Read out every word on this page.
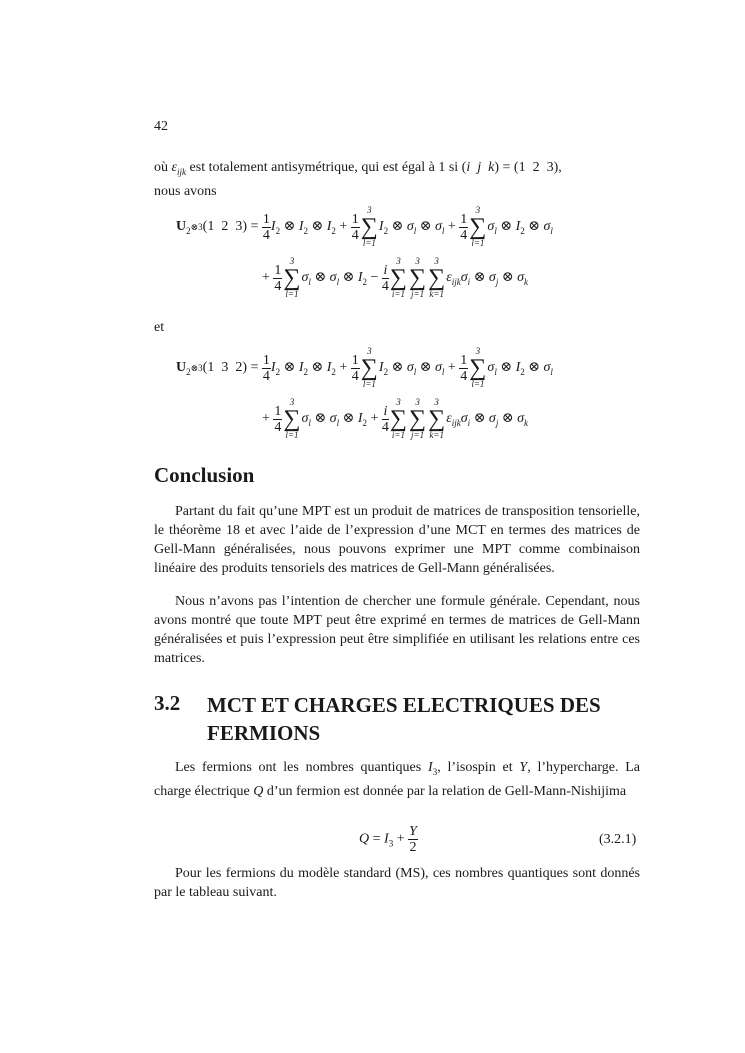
42
où $\varepsilon_{ijk}$ est totalement antisymétrique, qui est égal à 1 si (i j k) = (1  2  3),
nous avons
$U_{2^{\otimes 3}}(1$  2  $3) = \frac{1}{4} I_2$ ⊗ $I_2$ ⊗ $I_2 + \frac{1}{4}$
3
∑
l=1
$I_2$ ⊗ $\sigma_l$ ⊗ $\sigma_l + \frac{1}{4}$
3
∑
l=1
$\sigma_l$ ⊗ $I_2$ ⊗ $\sigma_l$
+ $\frac{1}{4}$
3
∑
l=1
$\sigma_l$ ⊗ $\sigma_l$ ⊗ $I_2 - \frac{i}{4}$
3
∑
i=1
3
∑
j=1
3
∑
k=1
$\varepsilon_{ijk}\sigma_i$ ⊗ $\sigma_j$ ⊗ $\sigma_k$
et
$U_{2^{\otimes 3}}(1$  3  $2) = \frac{1}{4} I_2$ ⊗ $I_2$ ⊗ $I_2 + \frac{1}{4}$
3
∑
l=1
$I_2$ ⊗ $\sigma_l$ ⊗ $\sigma_l + \frac{1}{4}$
3
∑
l=1
$\sigma_l$ ⊗ $I_2$ ⊗ $\sigma_l$
+ $\frac{1}{4}$
3
∑
l=1
$\sigma_l$ ⊗ $\sigma_l$ ⊗ $I_2 + \frac{i}{4}$
3
∑
i=1
3
∑
j=1
3
∑
k=1
$\varepsilon_{ijk}\sigma_i$ ⊗ $\sigma_j$ ⊗ $\sigma_k$
Conclusion
Partant du fait qu’une MPT est un produit de matrices de transposition tensorielle, le théorème 18 et avec l’aide de l’expression d’une MCT en termes des matrices de Gell-Mann généralisées, nous pouvons exprimer une MPT comme combinaison linéaire des produits tensoriels des matrices de Gell-Mann généralisées.
Nous n’avons pas l’intention de chercher une formule générale. Cependant, nous avons montré que toute MPT peut être exprimé en termes de matrices de Gell-Mann généralisées et puis l’expression peut être simplifiée en utilisant les relations entre ces matrices.
3.2 MCT ET CHARGES ELECTRIQUES DES FERMIONS
Les fermions ont les nombres quantiques $I_3$, l’isospin et Y, l’hypercharge. La charge électrique Q d’un fermion est donnée par la relation de Gell-Mann-Nishijima
$Q = I_3 + \frac{Y}{2}$	(3.2.1)
Pour les fermions du modèle standard (MS), ces nombres quantiques sont donnés par le tableau suivant.
